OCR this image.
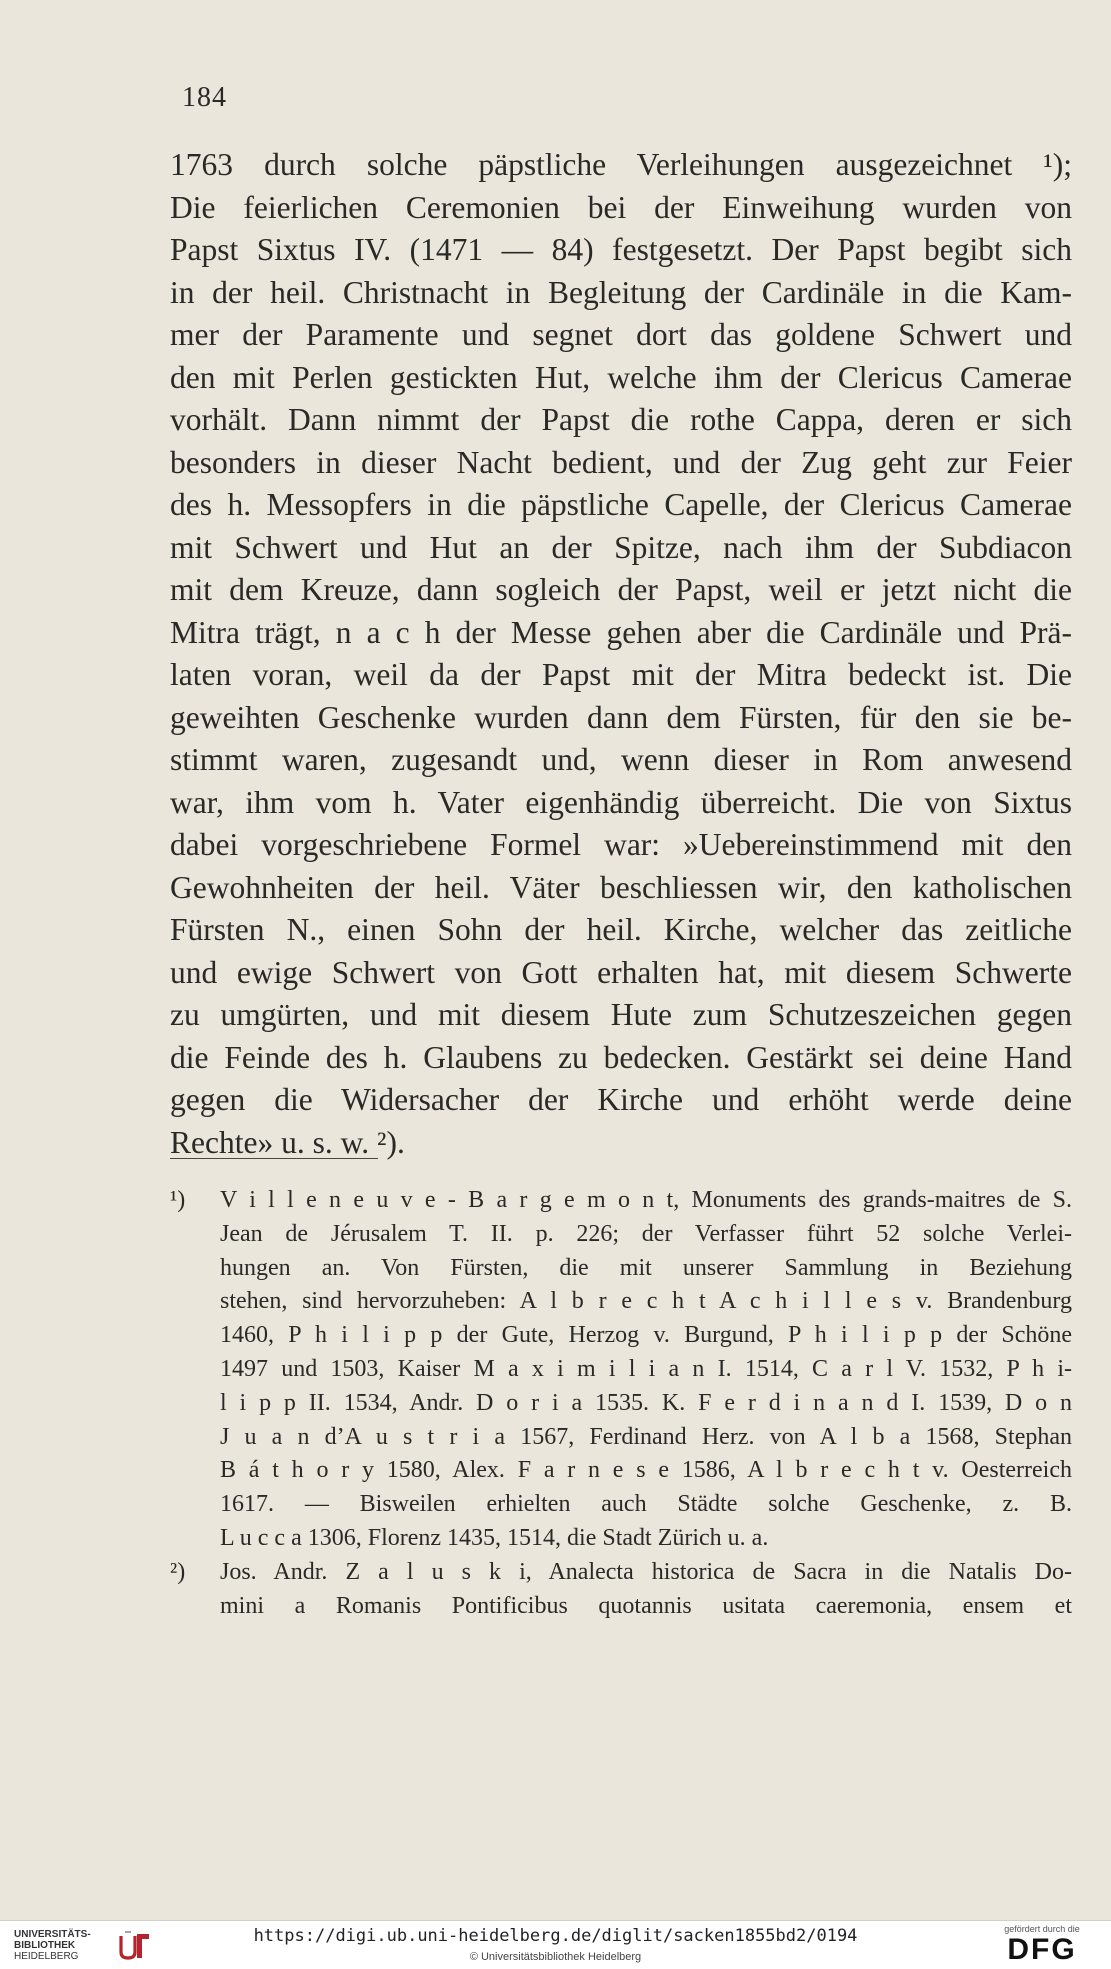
184

1763 durch solche päpstliche Verleihungen ausgezeichnet ¹);
Die feierlichen Ceremonien bei der Einweihung wurden von
Papst Sixtus IV. (1471 — 84) festgesetzt. Der Papst begibt sich
in der heil. Christnacht in Begleitung der Cardinäle in die Kam-
mer der Paramente und segnet dort das goldene Schwert und
den mit Perlen gestickten Hut, welche ihm der Clericus Camerae
vorhält. Dann nimmt der Papst die rothe Cappa, deren er sich
besonders in dieser Nacht bedient, und der Zug geht zur Feier
des h. Messopfers in die päpstliche Capelle, der Clericus Camerae
mit Schwert und Hut an der Spitze, nach ihm der Subdiacon
mit dem Kreuze, dann sogleich der Papst, weil er jetzt nicht die
Mitra trägt, n a c h der Messe gehen aber die Cardinäle und Prä-
laten voran, weil da der Papst mit der Mitra bedeckt ist. Die
geweihten Geschenke wurden dann dem Fürsten, für den sie be-
stimmt waren, zugesandt und, wenn dieser in Rom anwesend
war, ihm vom h. Vater eigenhändig überreicht. Die von Sixtus
dabei vorgeschriebene Formel war: »Uebereinstimmend mit den
Gewohnheiten der heil. Väter beschliessen wir, den katholischen
Fürsten N., einen Sohn der heil. Kirche, welcher das zeitliche
und ewige Schwert von Gott erhalten hat, mit diesem Schwerte
zu umgürten, und mit diesem Hute zum Schutzeszeichen gegen
die Feinde des h. Glaubens zu bedecken. Gestärkt sei deine Hand
gegen die Widersacher der Kirche und erhöht werde deine
Rechte» u. s. w. ²).
¹) V i l l e n e u v e - B a r g e m o n t, Monuments des grands-maitres de S.
Jean de Jérusalem T. II. p. 226; der Verfasser führt 52 solche Verlei-
hungen an. Von Fürsten, die mit unserer Sammlung in Beziehung
stehen, sind hervorzuheben: A l b r e c h t A c h i l l e s v. Brandenburg
1460, P h i l i p p der Gute, Herzog v. Burgund, P h i l i p p der Schöne
1497 und 1503, Kaiser M a x i m i l i a n I. 1514, C a r l V. 1532, P h i-
l i p p II. 1534, Andr. D o r i a 1535. K. F e r d i n a n d I. 1539, D o n
J u a n d’A u s t r i a 1567, Ferdinand Herz. von A l b a 1568, Stephan
B á t h o r y 1580, Alex. F a r n e s e 1586, A l b r e c h t v. Oesterreich
1617. — Bisweilen erhielten auch Städte solche Geschenke, z. B.
L u c c a 1306, Florenz 1435, 1514, die Stadt Zürich u. a.
²) Jos. Andr. Z a l u s k i, Analecta historica de Sacra in die Natalis Do-
mini a Romanis Pontificibus quotannis usitata caeremonia, ensem et
UNIVERSITÄTS-
BIBLIOTHEK
HEIDELBERG
https://digi.ub.uni-heidelberg.de/diglit/sacken1855bd2/0194
© Universitätsbibliothek Heidelberg
gefördert durch die
DFG
